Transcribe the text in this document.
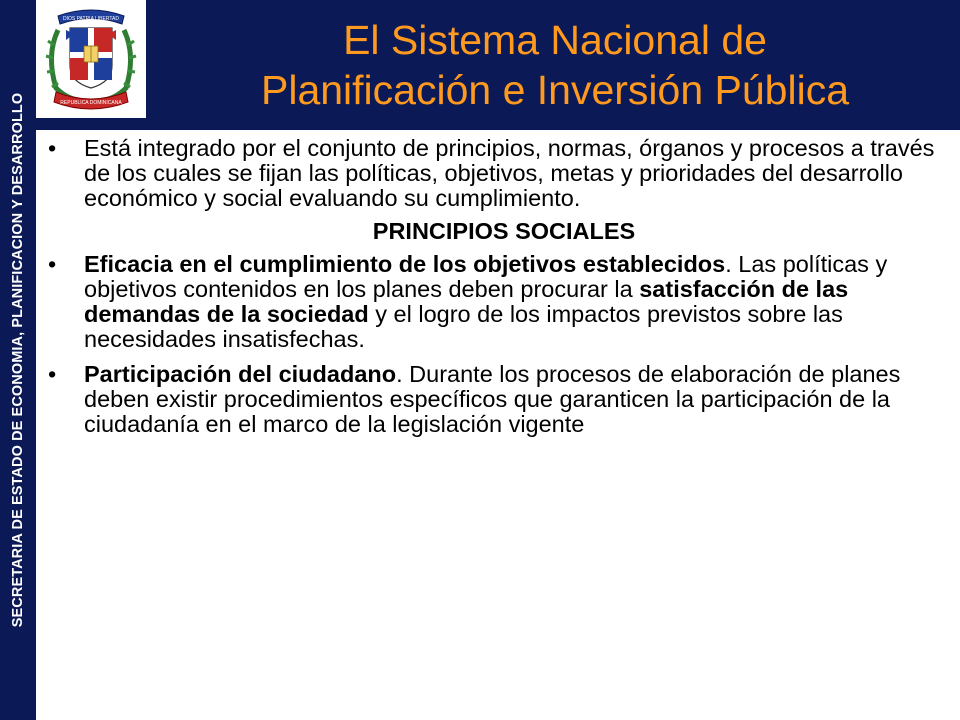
SECRETARIA DE ESTADO DE ECONOMIA, PLANIFICACION Y DESARROLLO
DIOS PATRIA LIBERTAD
REPUBLICA DOMINICANA
El Sistema Nacional de
Planificación e Inversión Pública

• Está integrado por el conjunto de principios, normas, órganos y procesos a través de los cuales se fijan las políticas, objetivos, metas y prioridades del desarrollo económico y social evaluando su cumplimiento.

PRINCIPIOS SOCIALES

• Eficacia en el cumplimiento de los objetivos establecidos. Las políticas y objetivos contenidos en los planes deben procurar la satisfacción de las demandas de la sociedad y el logro de los impactos previstos sobre las necesidades insatisfechas.

• Participación del ciudadano. Durante los procesos de elaboración de planes deben existir procedimientos específicos que garanticen la participación de la ciudadanía en el marco de la legislación vigente
